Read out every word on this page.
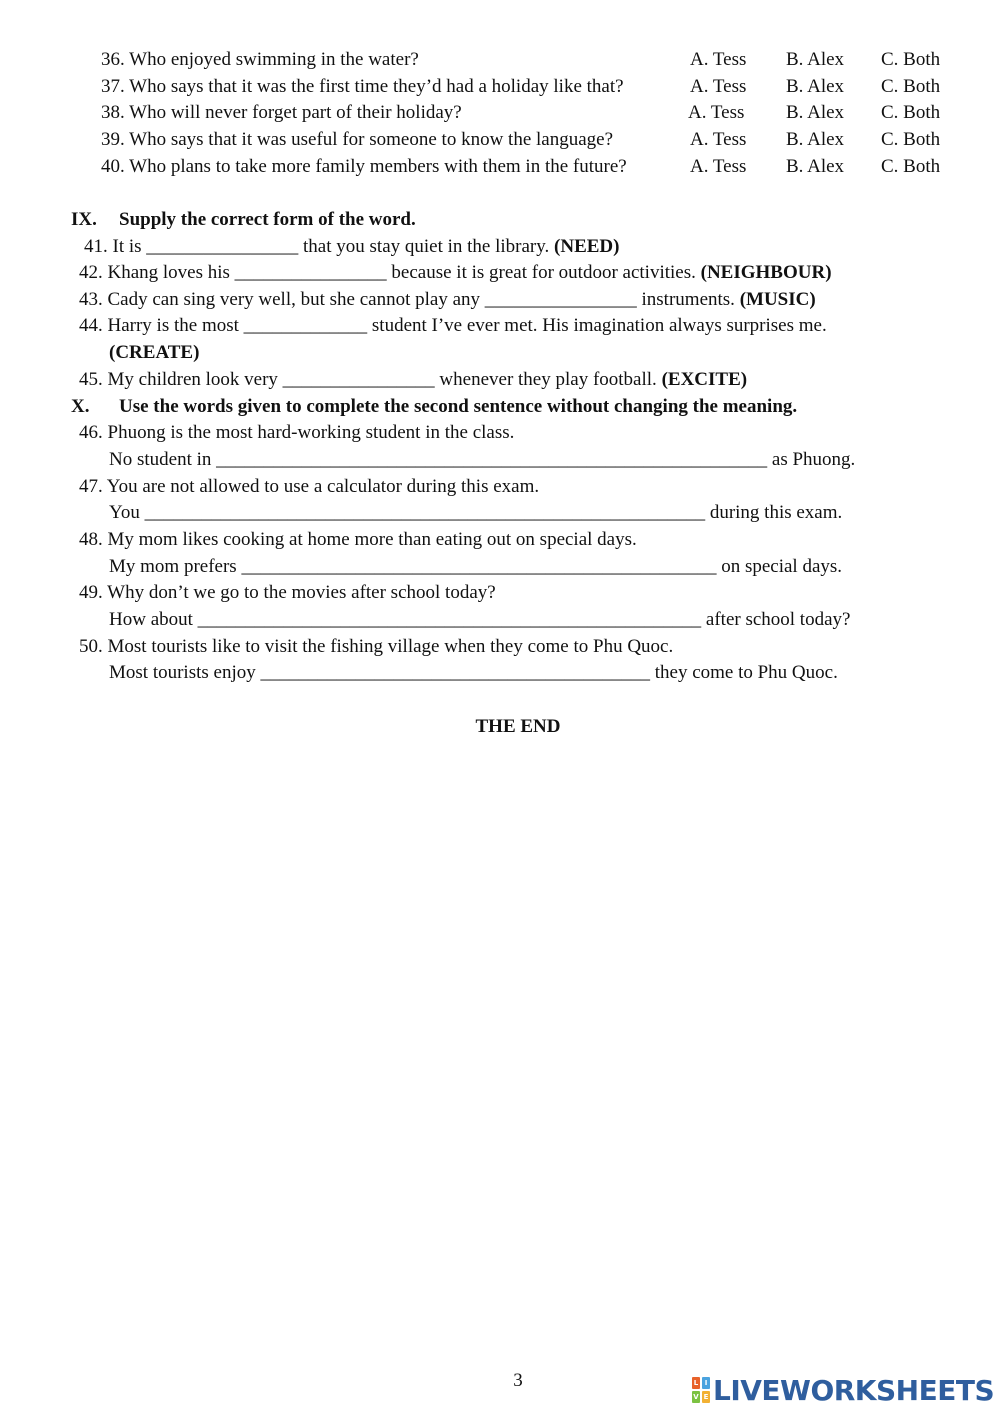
36. Who enjoyed swimming in the water?	A. Tess B. Alex C. Both
37. Who says that it was the first time they’d had a holiday like that?	A. Tess B. Alex C. Both
38. Who will never forget part of their holiday?	A. Tess B. Alex C. Both
39. Who says that it was useful for someone to know the language?	A. Tess B. Alex C. Both
40. Who plans to take more family members with them in the future?	A. Tess B. Alex C. Both
IX. Supply the correct form of the word.
41. It is ________________ that you stay quiet in the library. (NEED)
42. Khang loves his ________________ because it is great for outdoor activities. (NEIGHBOUR)
43. Cady can sing very well, but she cannot play any ________________ instruments. (MUSIC)
44. Harry is the most _____________ student I’ve ever met. His imagination always surprises me.
(CREATE)
45. My children look very ________________ whenever they play football. (EXCITE)
X. Use the words given to complete the second sentence without changing the meaning.
46. Phuong is the most hard-working student in the class.
No student in __________________________________________________________ as Phuong.
47. You are not allowed to use a calculator during this exam.
You ___________________________________________________________ during this exam.
48. My mom likes cooking at home more than eating out on special days.
My mom prefers __________________________________________________ on special days.
49. Why don’t we go to the movies after school today?
How about _____________________________________________________ after school today?
50. Most tourists like to visit the fishing village when they come to Phu Quoc.
Most tourists enjoy _________________________________________ they come to Phu Quoc.
THE END
3	L I
V E LIVEWORKSHEETS
